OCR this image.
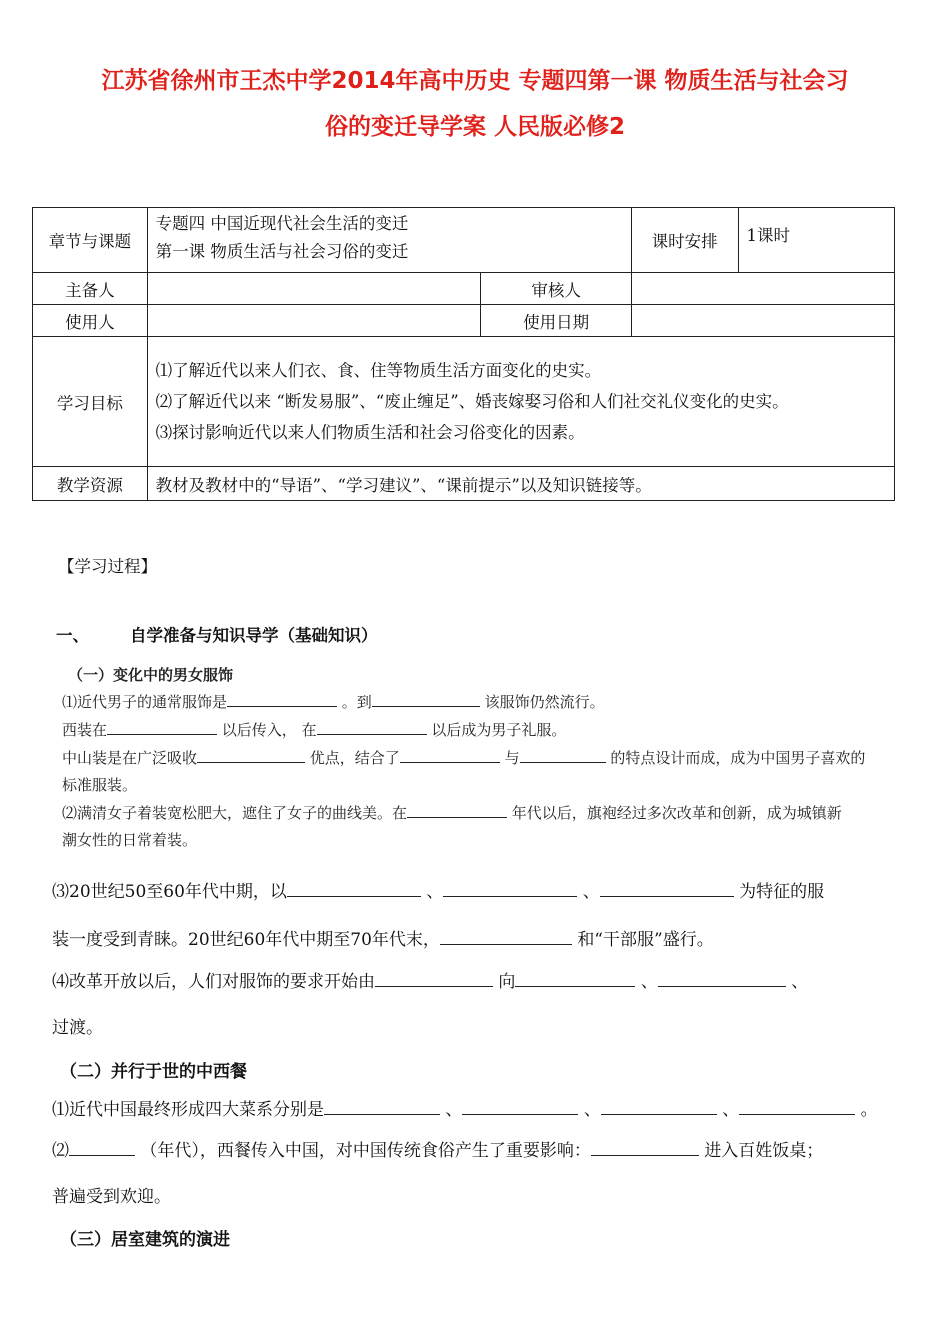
江苏省徐州市王杰中学2014年高中历史 专题四第一课 物质生活与社会习
俗的变迁导学案 人民版必修2
章节与课题	专题四 中国近现代社会生活的变迁

第一课 物质生活与社会习俗的变迁		课时安排	1课时
主备人		审核人		
使用人		使用日期		
学习目标	⑴了解近代以来人们衣、食、住等物质生活方面变化的史实。

⑵了解近代以来 “断发易服”、“废止缠足”、婚丧嫁娶习俗和人们社交礼仪变化的史实。

⑶探讨影响近代以来人们物质生活和社会习俗变化的因素。			

教学资源	教材及教材中的“导语”、“学习建议”、“课前提示”以及知识链接等。			
【学习过程】
一、 自学准备与知识导学（基础知识）
（一）变化中的男女服饰

⑴近代男子的通常服饰是	。到	该服饰仍然流行。

西装在	以后传入， 在	以后成为男子礼服。

中山装是在广泛吸收	优点，结合了	与	的特点设计而成，成为中国男子喜欢的

标准服装。

⑵满清女子着装宽松肥大，遮住了女子的曲线美。在	年代以后，旗袍经过多次改革和创新，成为城镇新

潮女性的日常着装。

⑶20世纪50至60年代中期，以	、	、	为特征的服

装一度受到青睐。20世纪60年代中期至70年代末，	和“干部服”盛行。

⑷改革开放以后，人们对服饰的要求开始由	向	、	、

过渡。

（二）并行于世的中西餐

⑴近代中国最终形成四大菜系分别是	、	、	、	。

⑵	（年代），西餐传入中国，对中国传统食俗产生了重要影响：	进入百姓饭桌；

普遍受到欢迎。

（三）居室建筑的演进
